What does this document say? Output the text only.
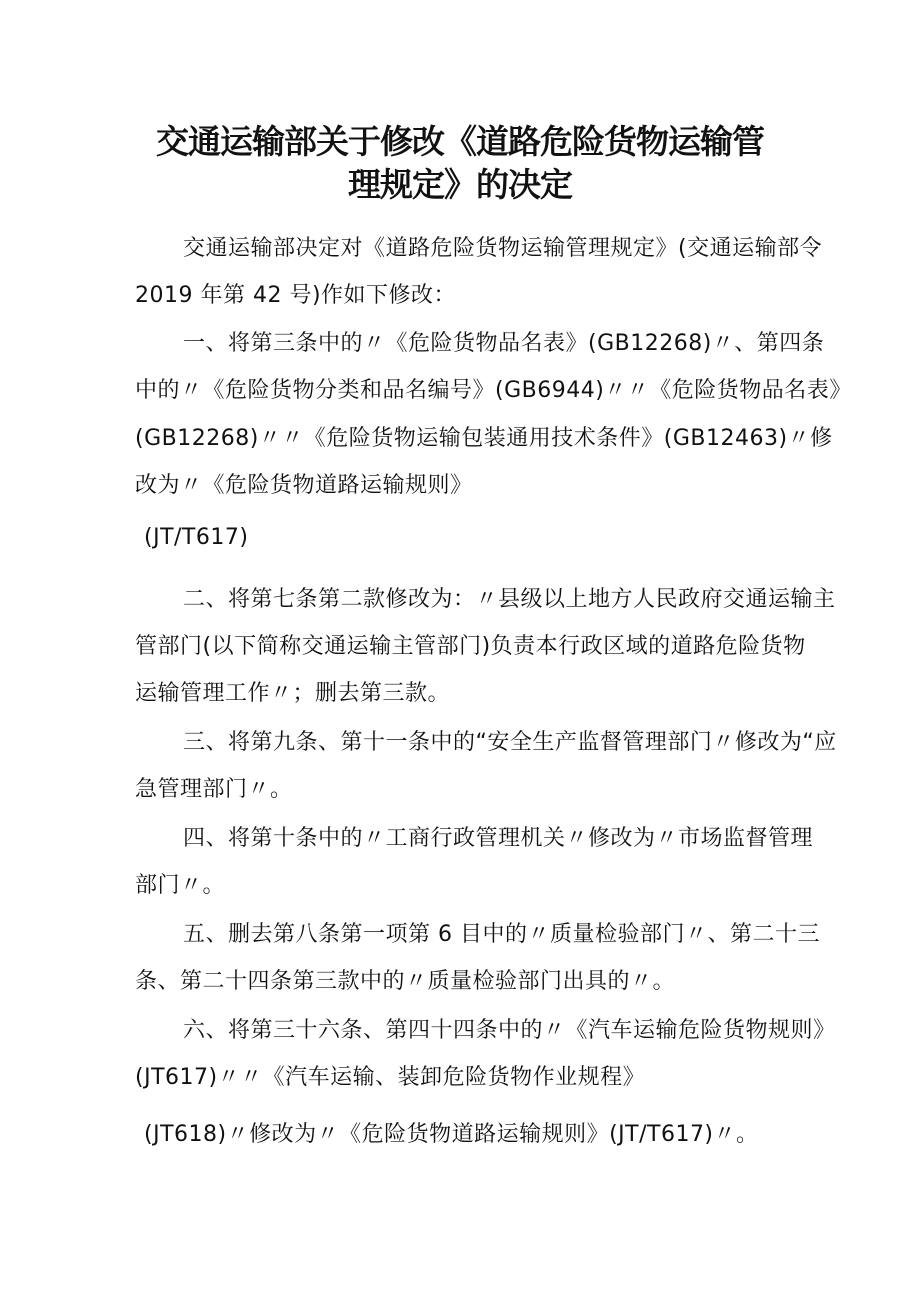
交通运输部关于修改《道路危险货物运输管
理规定》的决定
交通运输部决定对《道路危险货物运输管理规定》(交通运输部令
2019 年第 42 号)作如下修改：
一、将第三条中的〃《危险货物品名表》(GB12268)〃、第四条
中的〃《危险货物分类和品名编号》(GB6944)〃〃《危险货物品名表》
(GB12268)〃〃《危险货物运输包装通用技术条件》(GB12463)〃修
改为〃《危险货物道路运输规则》
(JT/T617)
二、将第七条第二款修改为：〃县级以上地方人民政府交通运输主
管部门(以下简称交通运输主管部门)负责本行政区域的道路危险货物
运输管理工作〃；删去第三款。
三、将第九条、第十一条中的“安全生产监督管理部门〃修改为“应
急管理部门〃。
四、将第十条中的〃工商行政管理机关〃修改为〃市场监督管理
部门〃。
五、删去第八条第一项第 6 目中的〃质量检验部门〃、第二十三
条、第二十四条第三款中的〃质量检验部门出具的〃。
六、将第三十六条、第四十四条中的〃《汽车运输危险货物规则》
(JT617)〃〃《汽车运输、装卸危险货物作业规程》
(JT618)〃修改为〃《危险货物道路运输规则》(JT/T617)〃。
